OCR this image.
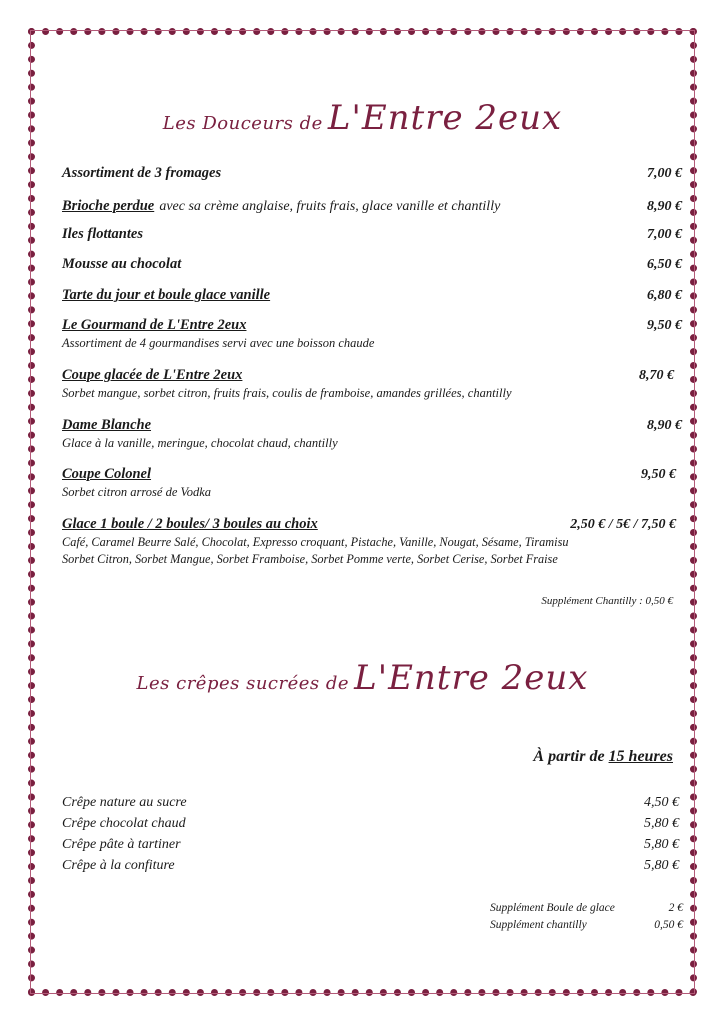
Les Douceurs de L'Entre 2eux
Assortiment de 3 fromages	7,00 €
Brioche perdue avec sa crème anglaise, fruits frais, glace vanille et chantilly	8,90 €
Iles flottantes	7,00 €
Mousse au chocolat	6,50 €
Tarte du jour et boule glace vanille	6,80 €
Le Gourmand de L'Entre 2eux	9,50 €
Assortiment de 4 gourmandises servi avec une boisson chaude
Coupe glacée de L'Entre 2eux	8,70 €
Sorbet mangue, sorbet citron, fruits frais, coulis de framboise, amandes grillées, chantilly
Dame Blanche	8,90 €
Glace à la vanille, meringue, chocolat chaud, chantilly
Coupe Colonel	9,50 €
Sorbet citron arrosé de Vodka
Glace 1 boule / 2 boules/ 3 boules au choix	2,50 € / 5€ / 7,50 €
Café, Caramel Beurre Salé, Chocolat, Expresso croquant, Pistache, Vanille, Nougat, Sésame, Tiramisu
Sorbet Citron, Sorbet Mangue, Sorbet Framboise, Sorbet Pomme verte, Sorbet Cerise, Sorbet Fraise
Supplément Chantilly : 0,50 €
Les crêpes sucrées de L'Entre 2eux
À partir de 15 heures
Crêpe nature au sucre	4,50 €
Crêpe chocolat chaud	5,80 €
Crêpe pâte à tartiner	5,80 €
Crêpe à la confiture	5,80 €
Supplément Boule de glace	2 €
Supplément chantilly	0,50 €
